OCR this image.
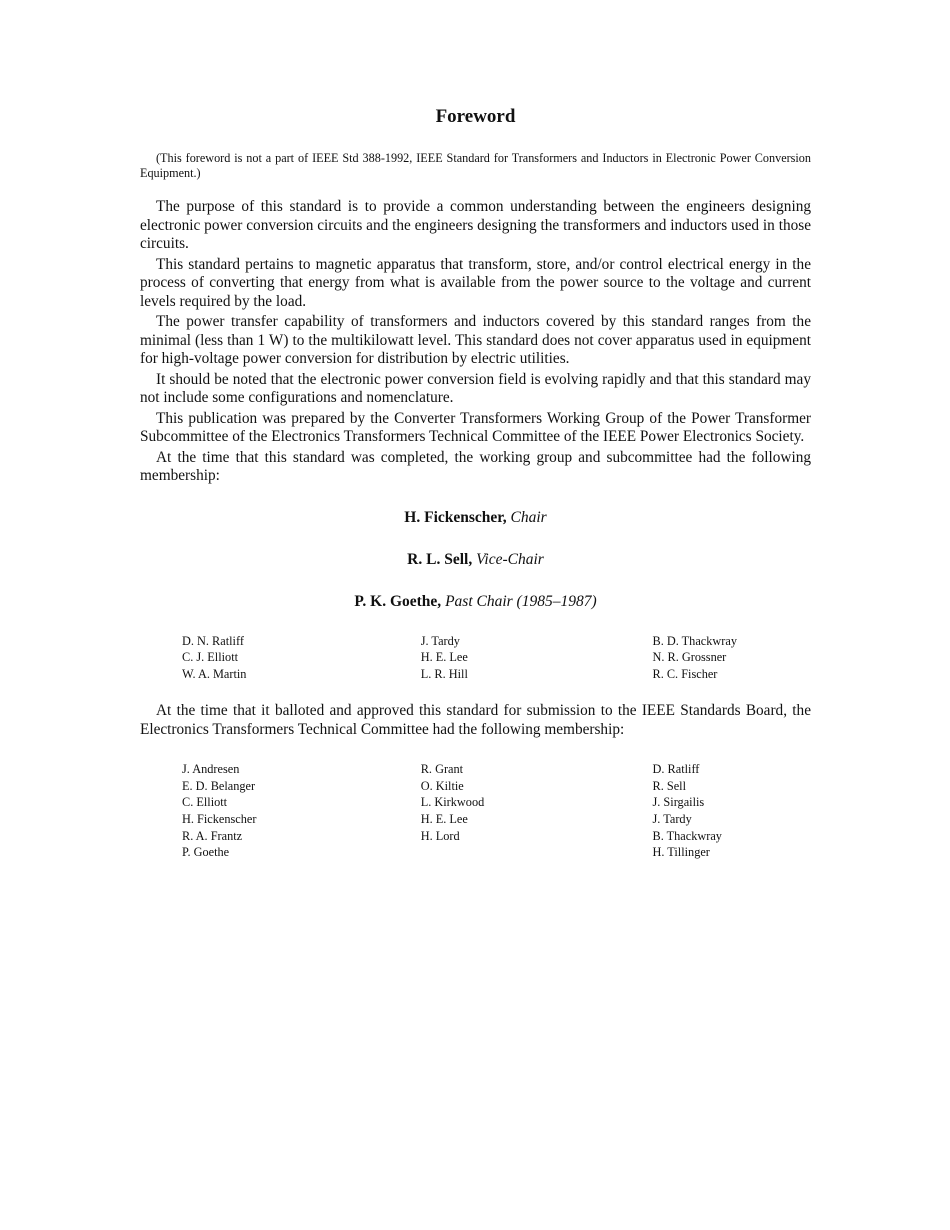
Foreword
(This foreword is not a part of IEEE Std 388-1992, IEEE Standard for Transformers and Inductors in Electronic Power Conversion Equipment.)

The purpose of this standard is to provide a common understanding between the engineers designing electronic power conversion circuits and the engineers designing the transformers and inductors used in those circuits.

This standard pertains to magnetic apparatus that transform, store, and/or control electrical energy in the process of converting that energy from what is available from the power source to the voltage and current levels required by the load.

The power transfer capability of transformers and inductors covered by this standard ranges from the minimal (less than 1 W) to the multikilowatt level. This standard does not cover apparatus used in equipment for high-voltage power conversion for distribution by electric utilities.

It should be noted that the electronic power conversion field is evolving rapidly and that this standard may not include some configurations and nomenclature.

This publication was prepared by the Converter Transformers Working Group of the Power Transformer Subcommittee of the Electronics Transformers Technical Committee of the IEEE Power Electronics Society.

At the time that this standard was completed, the working group and subcommittee had the following membership:

H. Fickenscher, Chair
R. L. Sell, Vice-Chair
P. K. Goethe, Past Chair (1985–1987)
D. N. Ratliff
C. J. Elliott
W. A. Martin
J. Tardy
H. E. Lee
L. R. Hill
B. D. Thackwray
N. R. Grossner
R. C. Fischer

At the time that it balloted and approved this standard for submission to the IEEE Standards Board, the Electronics Transformers Technical Committee had the following membership:

J. Andresen
E. D. Belanger
C. Elliott
H. Fickenscher
R. A. Frantz
P. Goethe
R. Grant
O. Kiltie
L. Kirkwood
H. E. Lee
H. Lord
D. Ratliff
R. Sell
J. Sirgailis
J. Tardy
B. Thackwray
H. Tillinger
